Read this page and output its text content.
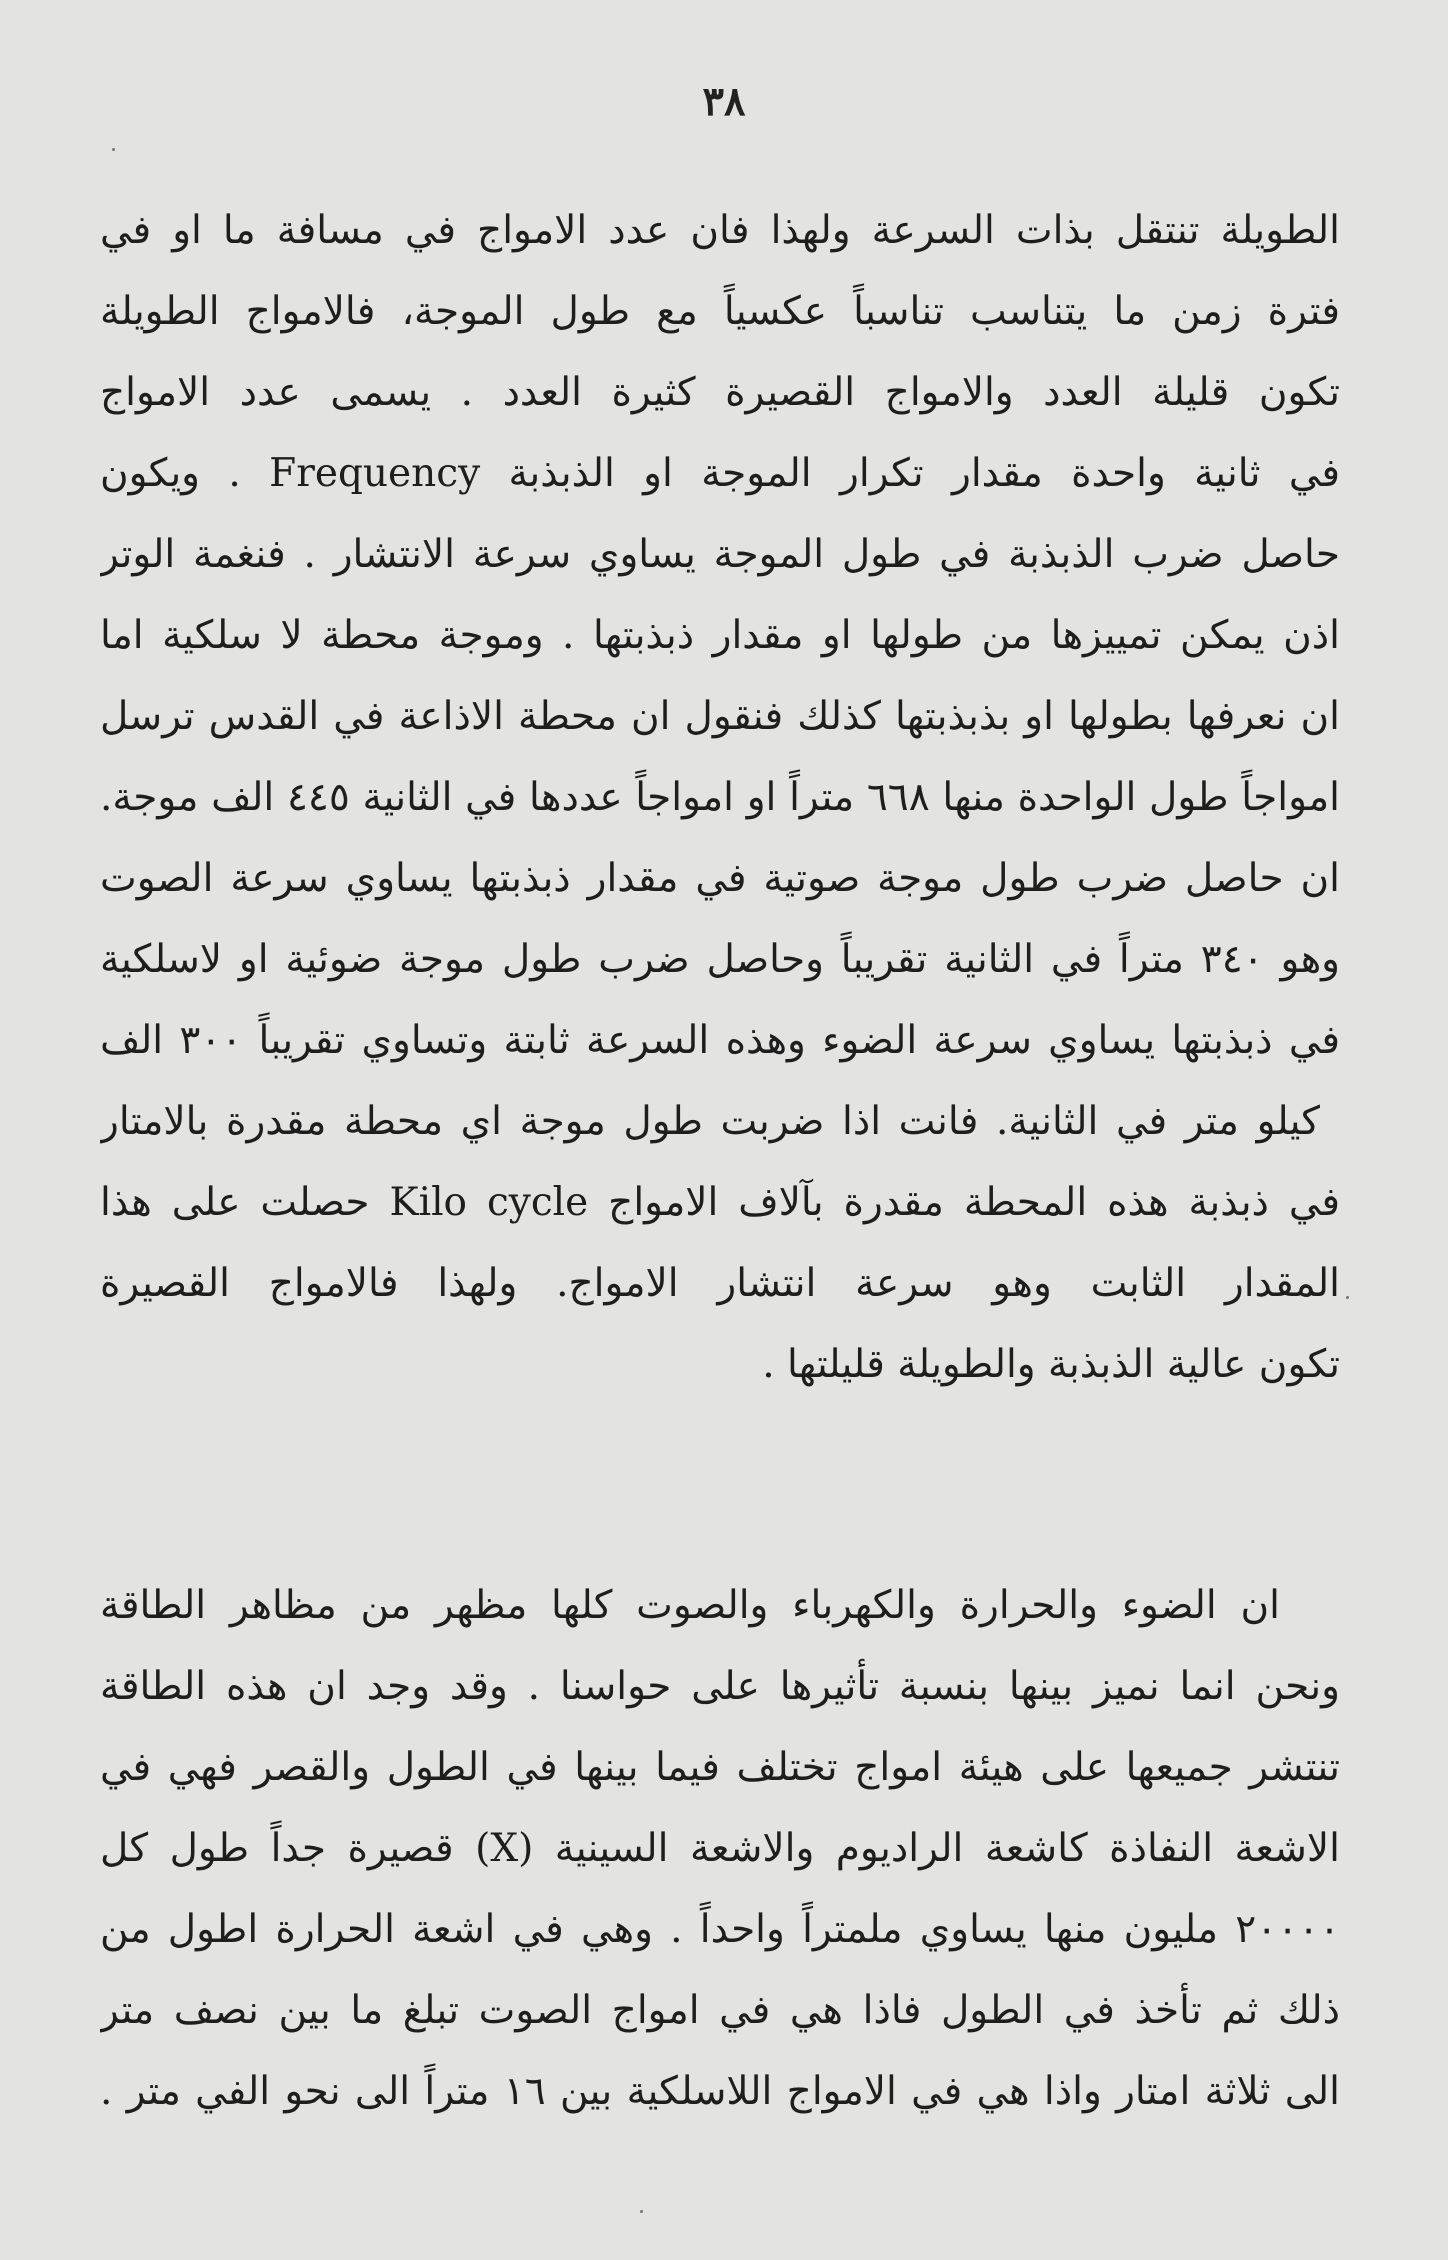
٣٨
الطويلة تنتقل بذات السرعة ولهذا فان عدد الامواج في مسافة ما او في
فترة زمن ما يتناسب تناسباً عكسياً مع طول الموجة، فالامواج الطويلة
تكون قليلة العدد والامواج القصيرة كثيرة العدد . يسمى عدد الامواج
في ثانية واحدة مقدار تكرار الموجة او الذبذبة Frequency . ويكون
حاصل ضرب الذبذبة في طول الموجة يساوي سرعة الانتشار . فنغمة الوتر
اذن يمكن تمييزها من طولها او مقدار ذبذبتها . وموجة محطة لا سلكية اما
ان نعرفها بطولها او بذبذبتها كذلك فنقول ان محطة الاذاعة في القدس ترسل
امواجاً طول الواحدة منها ٦٦٨ متراً او امواجاً عددها في الثانية ٤٤٥ الف موجة.
ان حاصل ضرب طول موجة صوتية في مقدار ذبذبتها يساوي سرعة الصوت
وهو ٣٤٠ متراً في الثانية تقريباً وحاصل ضرب طول موجة ضوئية او لاسلكية
في ذبذبتها يساوي سرعة الضوء وهذه السرعة ثابتة وتساوي تقريباً ٣٠٠ الف
كيلو متر في الثانية. فانت اذا ضربت طول موجة اي محطة مقدرة بالامتار
في ذبذبة هذه المحطة مقدرة بآلاف الامواج Kilo cycle حصلت على هذا
المقدار الثابت وهو سرعة انتشار الامواج. ولهذا فالامواج القصيرة
تكون عالية الذبذبة والطويلة قليلتها .
ان الضوء والحرارة والكهرباء والصوت كلها مظهر من مظاهر الطاقة
ونحن انما نميز بينها بنسبة تأثيرها على حواسنا . وقد وجد ان هذه الطاقة
تنتشر جميعها على هيئة امواج تختلف فيما بينها في الطول والقصر فهي في
الاشعة النفاذة كاشعة الراديوم والاشعة السينية (X) قصيرة جداً طول كل
٢٠٠٠٠ مليون منها يساوي ملمتراً واحداً . وهي في اشعة الحرارة اطول من
ذلك ثم تأخذ في الطول فاذا هي في امواج الصوت تبلغ ما بين نصف متر
الى ثلاثة امتار واذا هي في الامواج اللاسلكية بين ١٦ متراً الى نحو الفي متر .
